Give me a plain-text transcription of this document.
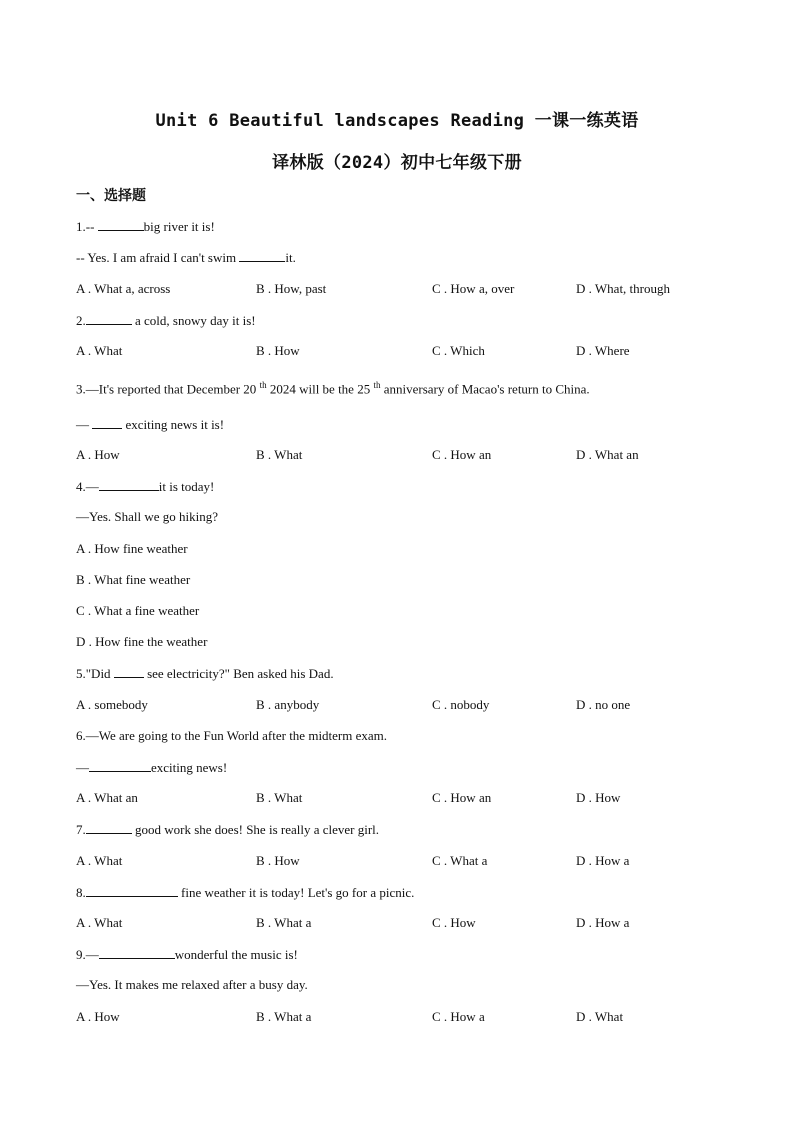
Unit 6 Beautiful landscapes Reading 一课一练英语
译林版（2024）初中七年级下册
一、选择题
1.--	big river it is!
-- Yes. I am afraid I can't swim	it.
A . What a, across	B . How, past	C . How a, over	D . What, through
2.	a cold, snowy day it is!
A . What	B . How	C . Which	D . Where
3.—It's reported that December 20 $^{th}$ 2024 will be the 25 $^{th}$ anniversary of Macao's return to China.
—  exciting news it is!
A . How	B . What	C . How an	D . What an
4.—	it is today!
—Yes. Shall we go hiking?
A . How fine weather
B . What fine weather
C . What a fine weather
D . How fine the weather
5."Did  see electricity?" Ben asked his Dad.
A . somebody	B . anybody	C . nobody	D . no one
6.—We are going to the Fun World after the midterm exam.
—	exciting news!
A . What an	B . What	C . How an	D . How
7.	good work she does! She is really a clever girl.
A . What	B . How	C . What a	D . How a
8.	fine weather it is today! Let's go for a picnic.
A . What	B . What a	C . How	D . How a
9.—	wonderful the music is!
—Yes. It makes me relaxed after a busy day.
A . How	B . What a	C . How a	D . What
